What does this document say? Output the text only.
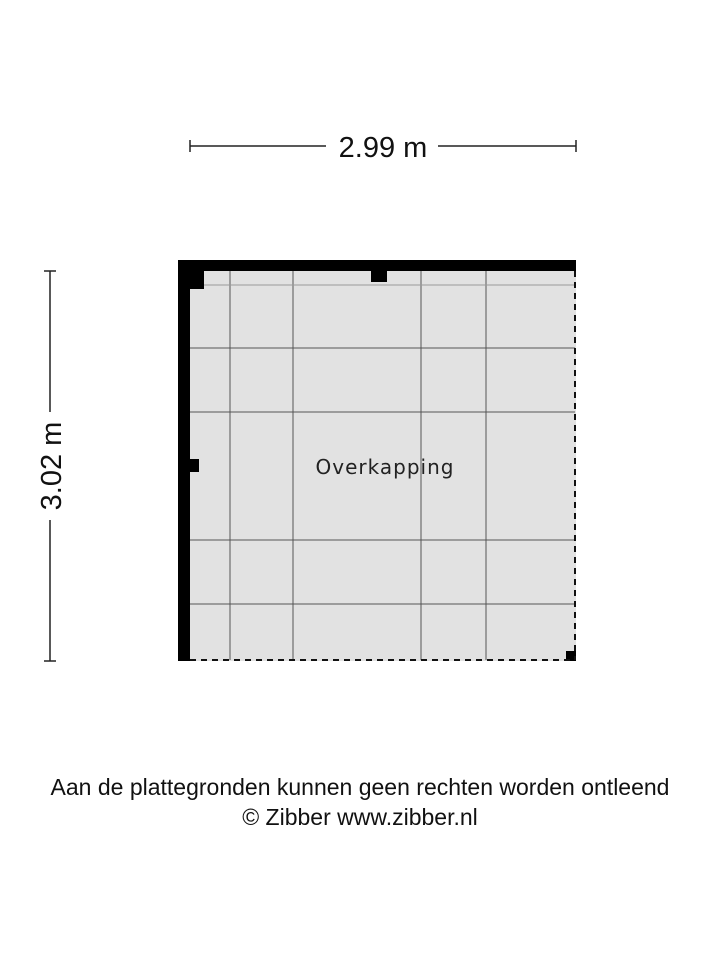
2.99 m
3.02 m	Overkapping
Aan de plattegronden kunnen geen rechten worden ontleend
© Zibber www.zibber.nl
